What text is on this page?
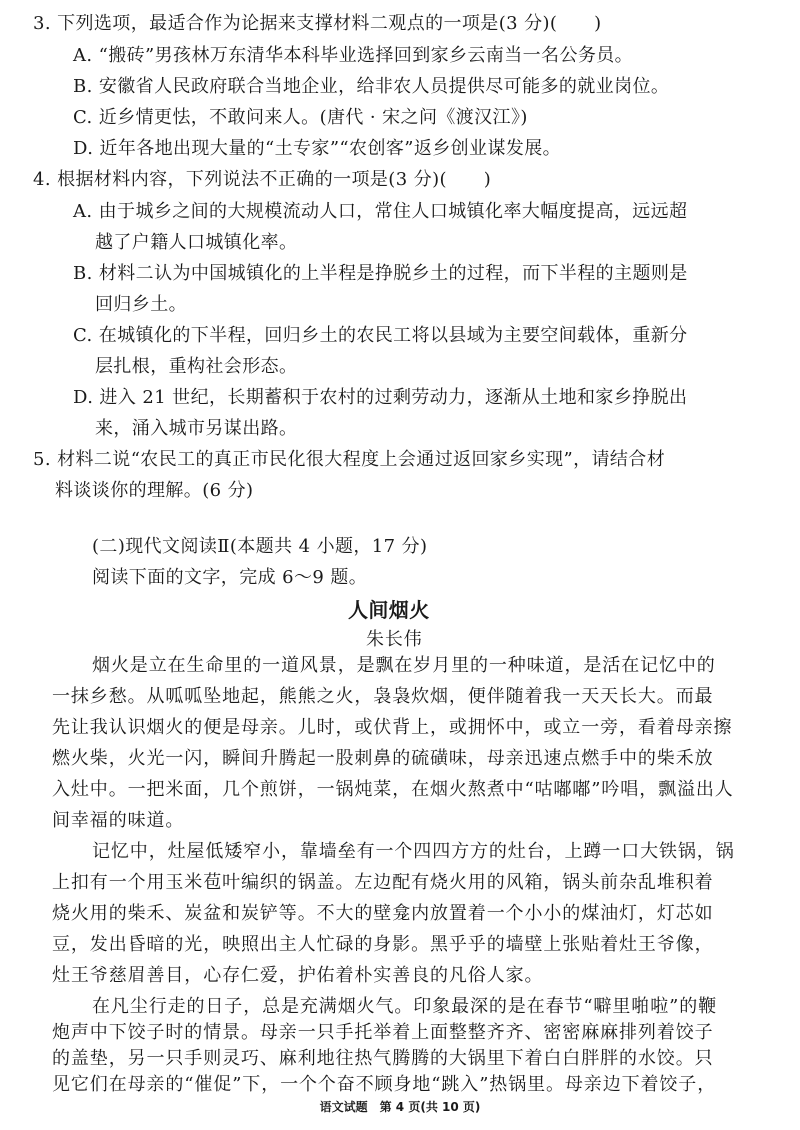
3. 下列选项，最适合作为论据来支撑材料二观点的一项是(3 分)(　　)
A. “搬砖”男孩林万东清华本科毕业选择回到家乡云南当一名公务员。
B. 安徽省人民政府联合当地企业，给非农人员提供尽可能多的就业岗位。
C. 近乡情更怯，不敢问来人。(唐代 · 宋之问《渡汉江》)
D. 近年各地出现大量的“土专家”“农创客”返乡创业谋发展。
4. 根据材料内容，下列说法不正确的一项是(3 分)(　　)
A. 由于城乡之间的大规模流动人口，常住人口城镇化率大幅度提高，远远超
越了户籍人口城镇化率。
B. 材料二认为中国城镇化的上半程是挣脱乡土的过程，而下半程的主题则是
回归乡土。
C. 在城镇化的下半程，回归乡土的农民工将以县域为主要空间载体，重新分
层扎根，重构社会形态。
D. 进入 21 世纪，长期蓄积于农村的过剩劳动力，逐渐从土地和家乡挣脱出
来，涌入城市另谋出路。
5. 材料二说“农民工的真正市民化很大程度上会通过返回家乡实现”，请结合材
料谈谈你的理解。(6 分)
(二)现代文阅读Ⅱ(本题共 4 小题，17 分)
阅读下面的文字，完成 6～9 题。
人间烟火
朱长伟
烟火是立在生命里的一道风景，是飘在岁月里的一种味道，是活在记忆中的
一抹乡愁。从呱呱坠地起，熊熊之火，袅袅炊烟，便伴随着我一天天长大。而最
先让我认识烟火的便是母亲。儿时，或伏背上，或拥怀中，或立一旁，看着母亲擦
燃火柴，火光一闪，瞬间升腾起一股刺鼻的硫磺味，母亲迅速点燃手中的柴禾放
入灶中。一把米面，几个煎饼，一锅炖菜，在烟火熬煮中“咕嘟嘟”吟唱，飘溢出人
间幸福的味道。
记忆中，灶屋低矮窄小，靠墙垒有一个四四方方的灶台，上蹲一口大铁锅，锅
上扣有一个用玉米苞叶编织的锅盖。左边配有烧火用的风箱，锅头前杂乱堆积着
烧火用的柴禾、炭盆和炭铲等。不大的壁龛内放置着一个小小的煤油灯，灯芯如
豆，发出昏暗的光，映照出主人忙碌的身影。黑乎乎的墙壁上张贴着灶王爷像，
灶王爷慈眉善目，心存仁爱，护佑着朴实善良的凡俗人家。
在凡尘行走的日子，总是充满烟火气。印象最深的是在春节“噼里啪啦”的鞭
炮声中下饺子时的情景。母亲一只手托举着上面整整齐齐、密密麻麻排列着饺子
的盖垫，另一只手则灵巧、麻利地往热气腾腾的大锅里下着白白胖胖的水饺。只
语文试题　第 4 页(共 10 页)
见它们在母亲的“催促”下，一个个奋不顾身地“跳入”热锅里。母亲边下着饺子，
